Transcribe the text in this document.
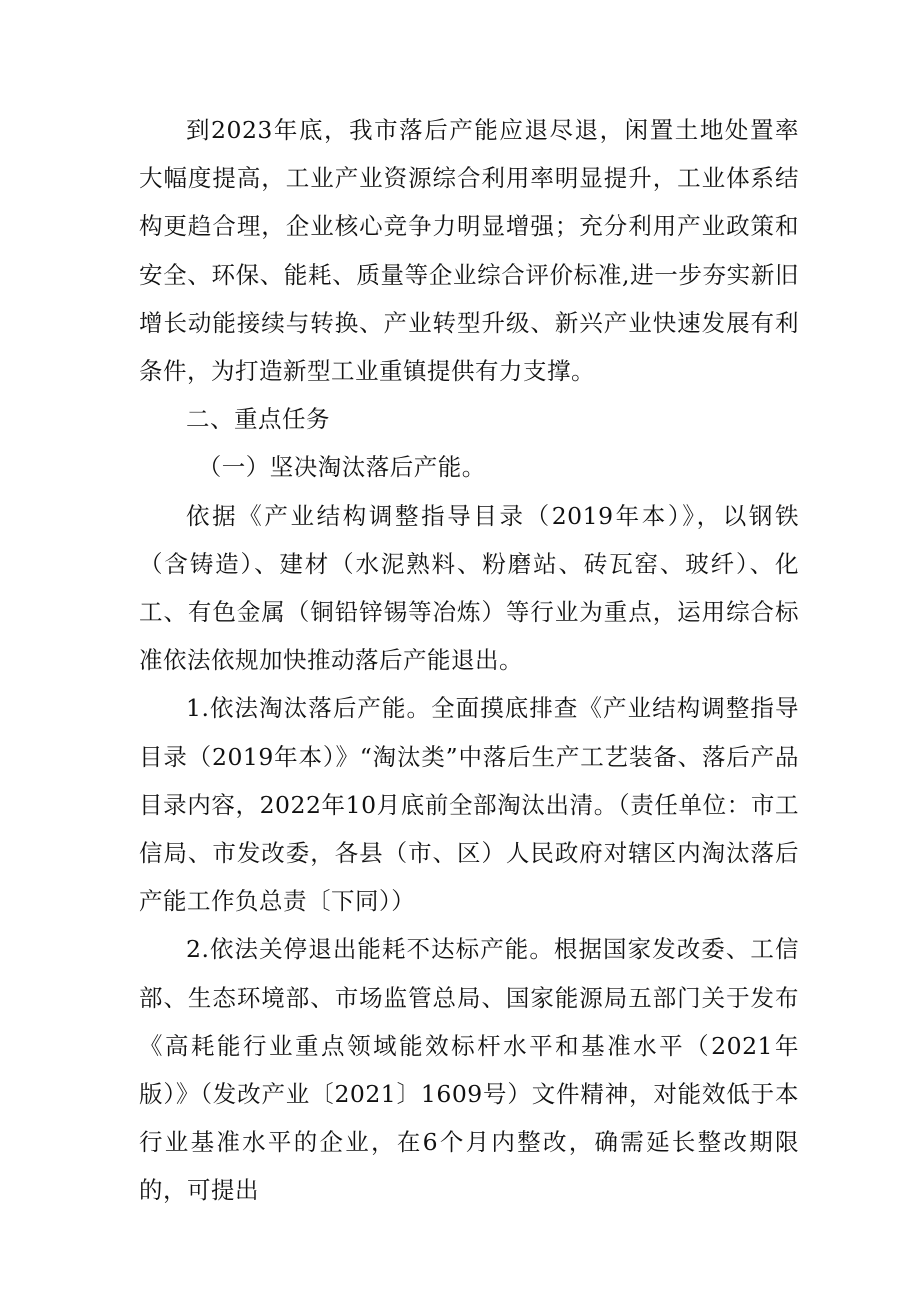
到2023年底，我市落后产能应退尽退，闲置土地处置率大幅度提高，工业产业资源综合利用率明显提升，工业体系结构更趋合理，企业核心竞争力明显增强；充分利用产业政策和安全、环保、能耗、质量等企业综合评价标准,进一步夯实新旧增长动能接续与转换、产业转型升级、新兴产业快速发展有利条件，为打造新型工业重镇提供有力支撑。

二、重点任务

（一）坚决淘汰落后产能。

依据《产业结构调整指导目录（2019年本）》，以钢铁（含铸造）、建材（水泥熟料、粉磨站、砖瓦窑、玻纤）、化工、有色金属（铜铅锌锡等冶炼）等行业为重点，运用综合标准依法依规加快推动落后产能退出。

1.依法淘汰落后产能。全面摸底排查《产业结构调整指导目录（2019年本）》“淘汰类”中落后生产工艺装备、落后产品目录内容，2022年10月底前全部淘汰出清。（责任单位：市工信局、市发改委，各县（市、区）人民政府对辖区内淘汰落后产能工作负总责〔下同））

2.依法关停退出能耗不达标产能。根据国家发改委、工信部、生态环境部、市场监管总局、国家能源局五部门关于发布《高耗能行业重点领域能效标杆水平和基准水平（2021年版）》（发改产业〔2021〕1609号）文件精神，对能效低于本行业基准水平的企业，在6个月内整改，确需延长整改期限的，可提出
